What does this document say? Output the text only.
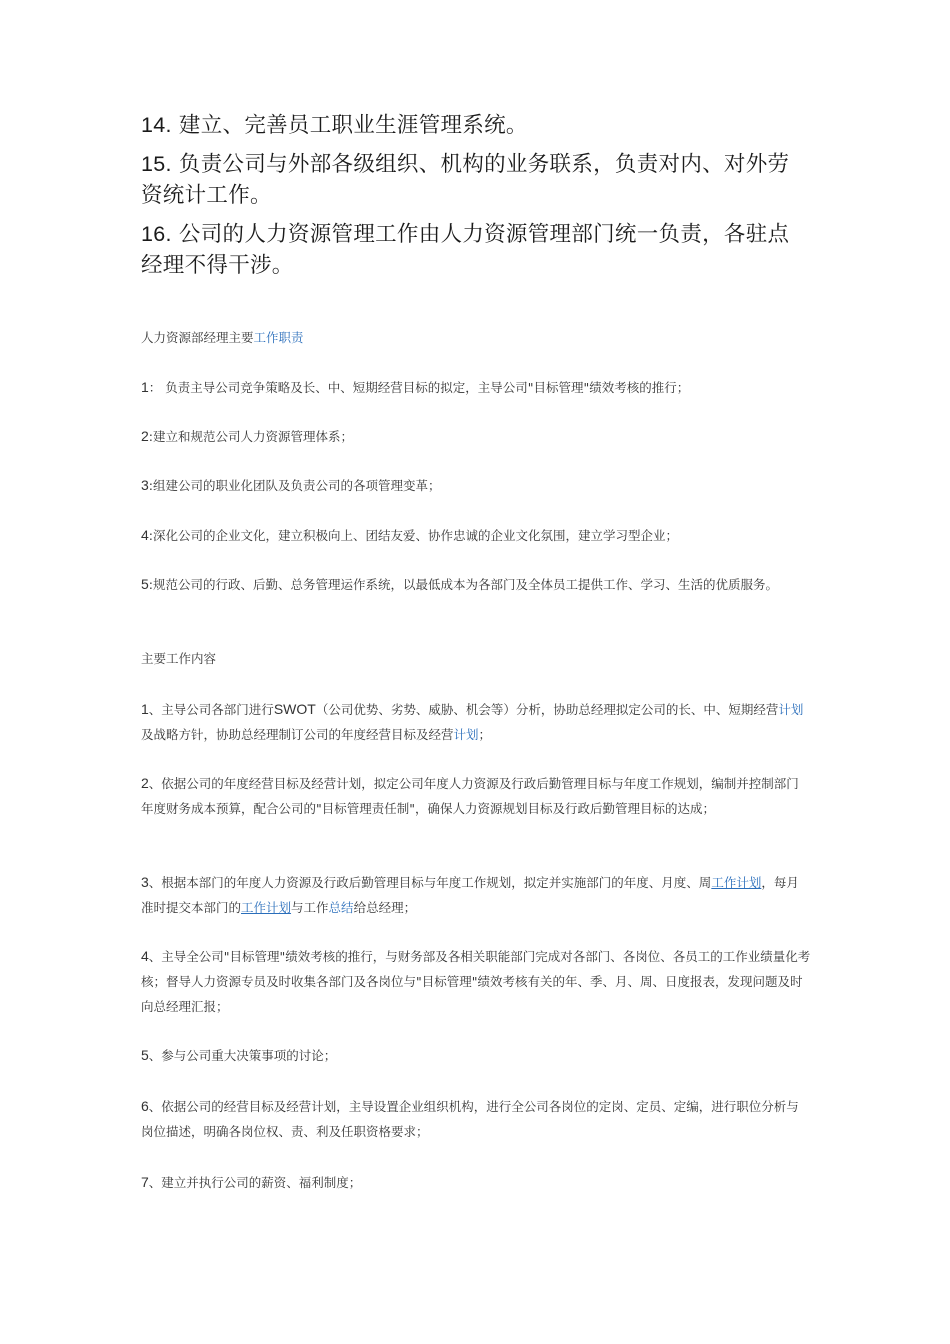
14. 建立、完善员工职业生涯管理系统。

15. 负责公司与外部各级组织、机构的业务联系，负责对内、对外劳资统计工作。

16. 公司的人力资源管理工作由人力资源管理部门统一负责，各驻点经理不得干涉。

人力资源部经理主要工作职责

1： 负责主导公司竞争策略及长、中、短期经营目标的拟定，主导公司"目标管理"绩效考核的推行；

2:建立和规范公司人力资源管理体系；

3:组建公司的职业化团队及负责公司的各项管理变革；

4:深化公司的企业文化，建立积极向上、团结友爱、协作忠诚的企业文化氛围，建立学习型企业；

5:规范公司的行政、后勤、总务管理运作系统，以最低成本为各部门及全体员工提供工作、学习、生活的优质服务。

主要工作内容

1、主导公司各部门进行SWOT（公司优势、劣势、威胁、机会等）分析，协助总经理拟定公司的长、中、短期经营计划及战略方针，协助总经理制订公司的年度经营目标及经营计划；

2、依据公司的年度经营目标及经营计划，拟定公司年度人力资源及行政后勤管理目标与年度工作规划，编制并控制部门年度财务成本预算，配合公司的"目标管理责任制"，确保人力资源规划目标及行政后勤管理目标的达成；

3、根据本部门的年度人力资源及行政后勤管理目标与年度工作规划，拟定并实施部门的年度、月度、周工作计划，每月准时提交本部门的工作计划与工作总结给总经理；

4、主导全公司"目标管理"绩效考核的推行，与财务部及各相关职能部门完成对各部门、各岗位、各员工的工作业绩量化考核；督导人力资源专员及时收集各部门及各岗位与"目标管理"绩效考核有关的年、季、月、周、日度报表，发现问题及时向总经理汇报；

5、参与公司重大决策事项的讨论；

6、依据公司的经营目标及经营计划，主导设置企业组织机构，进行全公司各岗位的定岗、定员、定编，进行职位分析与岗位描述，明确各岗位权、责、利及任职资格要求；

7、建立并执行公司的薪资、福利制度；
